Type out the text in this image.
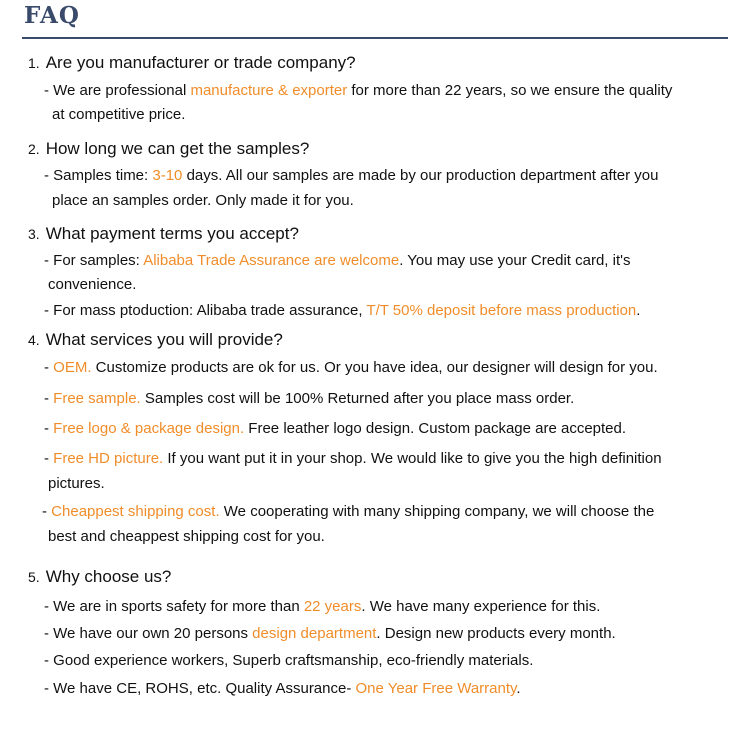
FAQ
1. Are you manufacturer or trade company?
- We are professional manufacture & exporter for more than 22 years, so we ensure the quality
at competitive price.
2. How long we can get the samples?
- Samples time: 3-10 days. All our samples are made by our production department after you
place an samples order. Only made it for you.
3. What payment terms you accept?
- For samples: Alibaba Trade Assurance are welcome. You may use your Credit card, it's
convenience.
- For mass ptoduction: Alibaba trade assurance, T/T 50% deposit before mass production.
4. What services you will provide?
- OEM. Customize products are ok for us. Or you have idea, our designer will design for you.
- Free sample. Samples cost will be 100% Returned after you place mass order.
- Free logo & package design. Free leather logo design. Custom package are accepted.
- Free HD picture. If you want put it in your shop. We would like to give you the high definition
pictures.
- Cheappest shipping cost. We cooperating with many shipping company, we will choose the
best and cheappest shipping cost for you.
5. Why choose us?
- We are in sports safety for more than 22 years. We have many experience for this.
- We have our own 20 persons design department. Design new products every month.
- Good experience workers, Superb craftsmanship, eco-friendly materials.
- We have CE, ROHS, etc. Quality Assurance- One Year Free Warranty.
